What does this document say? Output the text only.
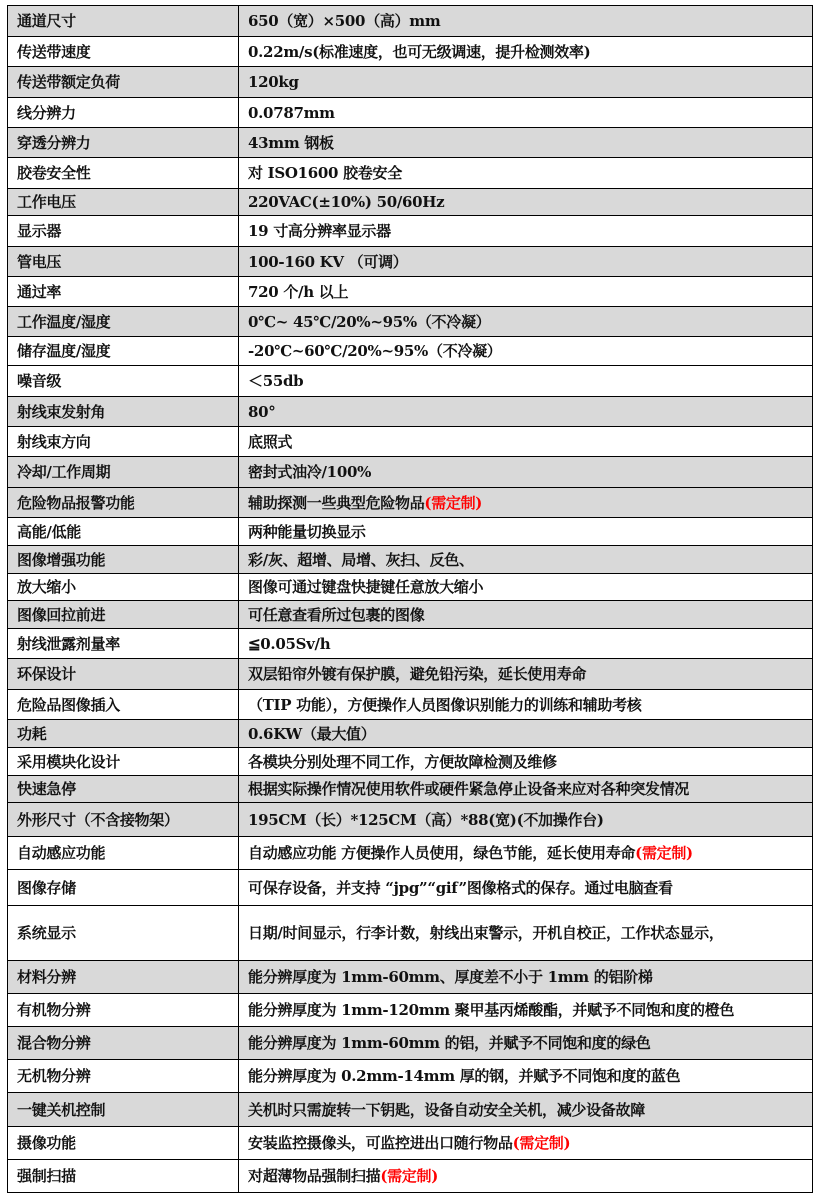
通道尺寸	650（宽）×500（高）mm
传送带速度	0.22m/s(标准速度，也可无级调速，提升检测效率)
传送带额定负荷	120kg
线分辨力	0.0787mm
穿透分辨力	43mm 钢板
胶卷安全性	对 ISO1600 胶卷安全
工作电压	220VAC(±10%) 50/60Hz
显示器	19 寸高分辨率显示器
管电压	100-160 KV （可调）
通过率	720 个/h 以上
工作温度/湿度	0℃~ 45℃/20%~95%（不冷凝）
储存温度/湿度	-20℃~60℃/20%~95%（不冷凝）
噪音级	＜55db
射线束发射角	80°
射线束方向	底照式
冷却/工作周期	密封式油冷/100%
危险物品报警功能	辅助探测一些典型危险物品(需定制)
高能/低能	两种能量切换显示
图像增强功能	彩/灰、超增、局增、灰扫、反色、
放大缩小	图像可通过键盘快捷键任意放大缩小
图像回拉前进	可任意查看所过包裹的图像
射线泄露剂量率	≦0.05Sv/h
环保设计	双层铅帘外镀有保护膜，避免铅污染，延长使用寿命
危险品图像插入	（TIP 功能），方便操作人员图像识别能力的训练和辅助考核
功耗	0.6KW（最大值）
采用模块化设计	各模块分别处理不同工作，方便故障检测及维修
快速急停	根据实际操作情况使用软件或硬件紧急停止设备来应对各种突发情况
外形尺寸（不含接物架）	195CM（长）*125CM（高）*88(宽)(不加操作台)
自动感应功能	自动感应功能 方便操作人员使用，绿色节能，延长使用寿命(需定制)
图像存储	可保存设备，并支持 “jpg”“gif”图像格式的保存。通过电脑查看
系统显示	日期/时间显示，行李计数，射线出束警示，开机自校正，工作状态显示，
材料分辨	能分辨厚度为 1mm-60mm、厚度差不小于 1mm 的铝阶梯
有机物分辨	能分辨厚度为 1mm-120mm 聚甲基丙烯酸酯，并赋予不同饱和度的橙色
混合物分辨	能分辨厚度为 1mm-60mm 的铝，并赋予不同饱和度的绿色
无机物分辨	能分辨厚度为 0.2mm-14mm 厚的钢，并赋予不同饱和度的蓝色
一键关机控制	关机时只需旋转一下钥匙，设备自动安全关机，减少设备故障
摄像功能	安装监控摄像头，可监控进出口随行物品(需定制)
强制扫描	对超薄物品强制扫描(需定制)
